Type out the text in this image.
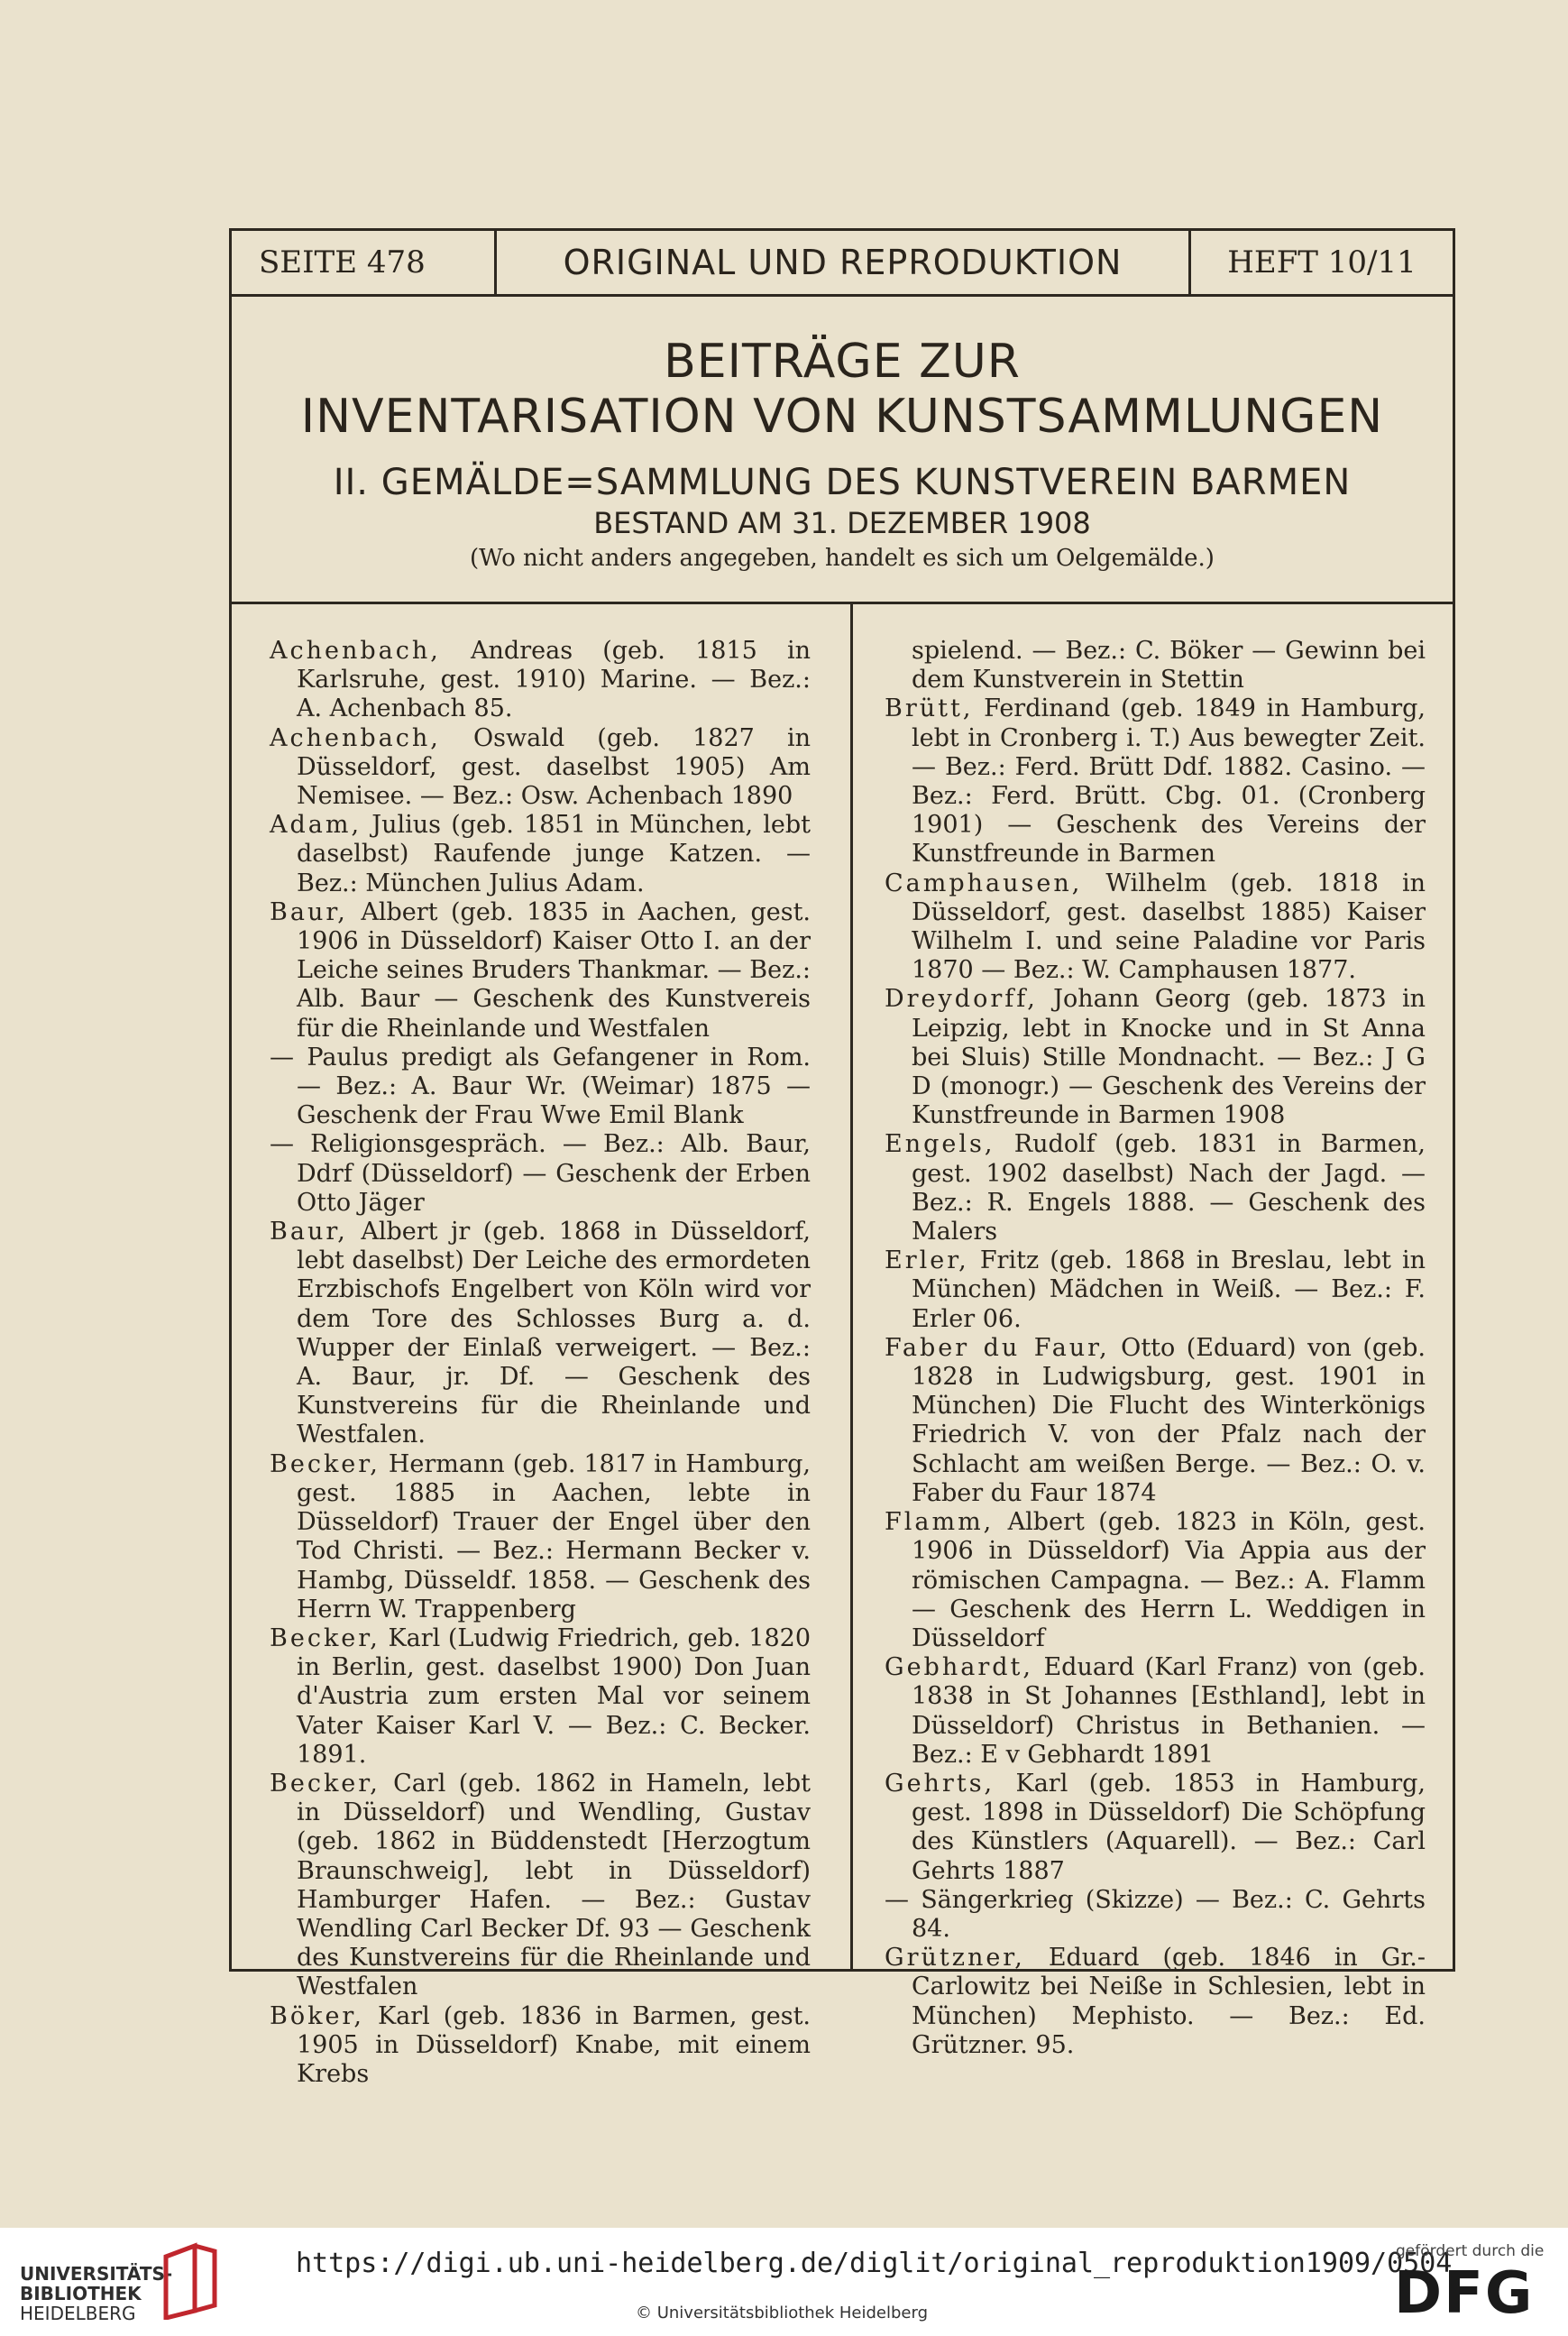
SEITE 478	ORIGINAL UND REPRODUKTION	HEFT 10/11
BEITRÄGE ZUR
INVENTARISATION VON KUNSTSAMMLUNGEN
II. GEMÄLDE=SAMMLUNG DES KUNSTVEREIN BARMEN
BESTAND AM 31. DEZEMBER 1908
(Wo nicht anders angegeben, handelt es sich um Oelgemälde.)
Achenbach, Andreas (geb. 1815 in Karlsruhe, gest. 1910) Marine. — Bez.: A. Achenbach 85.
Achenbach, Oswald (geb. 1827 in Düsseldorf, gest. daselbst 1905) Am Nemisee. — Bez.: Osw. Achenbach 1890
Adam, Julius (geb. 1851 in München, lebt daselbst) Raufende junge Katzen. — Bez.: München Julius Adam.
Baur, Albert (geb. 1835 in Aachen, gest. 1906 in Düsseldorf) Kaiser Otto I. an der Leiche seines Bruders Thankmar. — Bez.: Alb. Baur — Geschenk des Kunstvereis für die Rheinlande und Westfalen
— Paulus predigt als Gefangener in Rom. — Bez.: A. Baur Wr. (Weimar) 1875 — Geschenk der Frau Wwe Emil Blank
— Religionsgespräch. — Bez.: Alb. Baur, Ddrf (Düsseldorf) — Geschenk der Erben Otto Jäger
Baur, Albert jr (geb. 1868 in Düsseldorf, lebt daselbst) Der Leiche des ermordeten Erzbischofs Engelbert von Köln wird vor dem Tore des Schlosses Burg a. d. Wupper der Einlaß verweigert. — Bez.: A. Baur, jr. Df. — Geschenk des Kunstvereins für die Rheinlande und Westfalen.
Becker, Hermann (geb. 1817 in Hamburg, gest. 1885 in Aachen, lebte in Düsseldorf) Trauer der Engel über den Tod Christi. — Bez.: Hermann Becker v. Hambg, Düsseldf. 1858. — Geschenk des Herrn W. Trappenberg
Becker, Karl (Ludwig Friedrich, geb. 1820 in Berlin, gest. daselbst 1900) Don Juan d'Austria zum ersten Mal vor seinem Vater Kaiser Karl V. — Bez.: C. Becker. 1891.
Becker, Carl (geb. 1862 in Hameln, lebt in Düsseldorf) und Wendling, Gustav (geb. 1862 in Büddenstedt [Herzogtum Braunschweig], lebt in Düsseldorf) Hamburger Hafen. — Bez.: Gustav Wendling Carl Becker Df. 93 — Geschenk des Kunstvereins für die Rheinlande und Westfalen
Böker, Karl (geb. 1836 in Barmen, gest. 1905 in Düsseldorf) Knabe, mit einem Krebs
spielend. — Bez.: C. Böker — Gewinn bei dem Kunstverein in Stettin
Brütt, Ferdinand (geb. 1849 in Hamburg, lebt in Cronberg i. T.) Aus bewegter Zeit. — Bez.: Ferd. Brütt Ddf. 1882. Casino. — Bez.: Ferd. Brütt. Cbg. 01. (Cronberg 1901) — Geschenk des Vereins der Kunstfreunde in Barmen
Camphausen, Wilhelm (geb. 1818 in Düsseldorf, gest. daselbst 1885) Kaiser Wilhelm I. und seine Paladine vor Paris 1870 — Bez.: W. Camphausen 1877.
Dreydorff, Johann Georg (geb. 1873 in Leipzig, lebt in Knocke und in St Anna bei Sluis) Stille Mondnacht. — Bez.: J G D (monogr.) — Geschenk des Vereins der Kunstfreunde in Barmen 1908
Engels, Rudolf (geb. 1831 in Barmen, gest. 1902 daselbst) Nach der Jagd. — Bez.: R. Engels 1888. — Geschenk des Malers
Erler, Fritz (geb. 1868 in Breslau, lebt in München) Mädchen in Weiß. — Bez.: F. Erler 06.
Faber du Faur, Otto (Eduard) von (geb. 1828 in Ludwigsburg, gest. 1901 in München) Die Flucht des Winterkönigs Friedrich V. von der Pfalz nach der Schlacht am weißen Berge. — Bez.: O. v. Faber du Faur 1874
Flamm, Albert (geb. 1823 in Köln, gest. 1906 in Düsseldorf) Via Appia aus der römischen Campagna. — Bez.: A. Flamm — Geschenk des Herrn L. Weddigen in Düsseldorf
Gebhardt, Eduard (Karl Franz) von (geb. 1838 in St Johannes [Esthland], lebt in Düsseldorf) Christus in Bethanien. — Bez.: E v Gebhardt 1891
Gehrts, Karl (geb. 1853 in Hamburg, gest. 1898 in Düsseldorf) Die Schöpfung des Künstlers (Aquarell). — Bez.: Carl Gehrts 1887
— Sängerkrieg (Skizze) — Bez.: C. Gehrts 84.
Grützner, Eduard (geb. 1846 in Gr.-Carlowitz bei Neiße in Schlesien, lebt in München) Mephisto. — Bez.: Ed. Grützner. 95.
UNIVERSITÄTS-
BIBLIOTHEK
HEIDELBERG
https://digi.ub.uni-heidelberg.de/diglit/original_reproduktion1909/0504
© Universitätsbibliothek Heidelberg
gefördert durch die
DFG
